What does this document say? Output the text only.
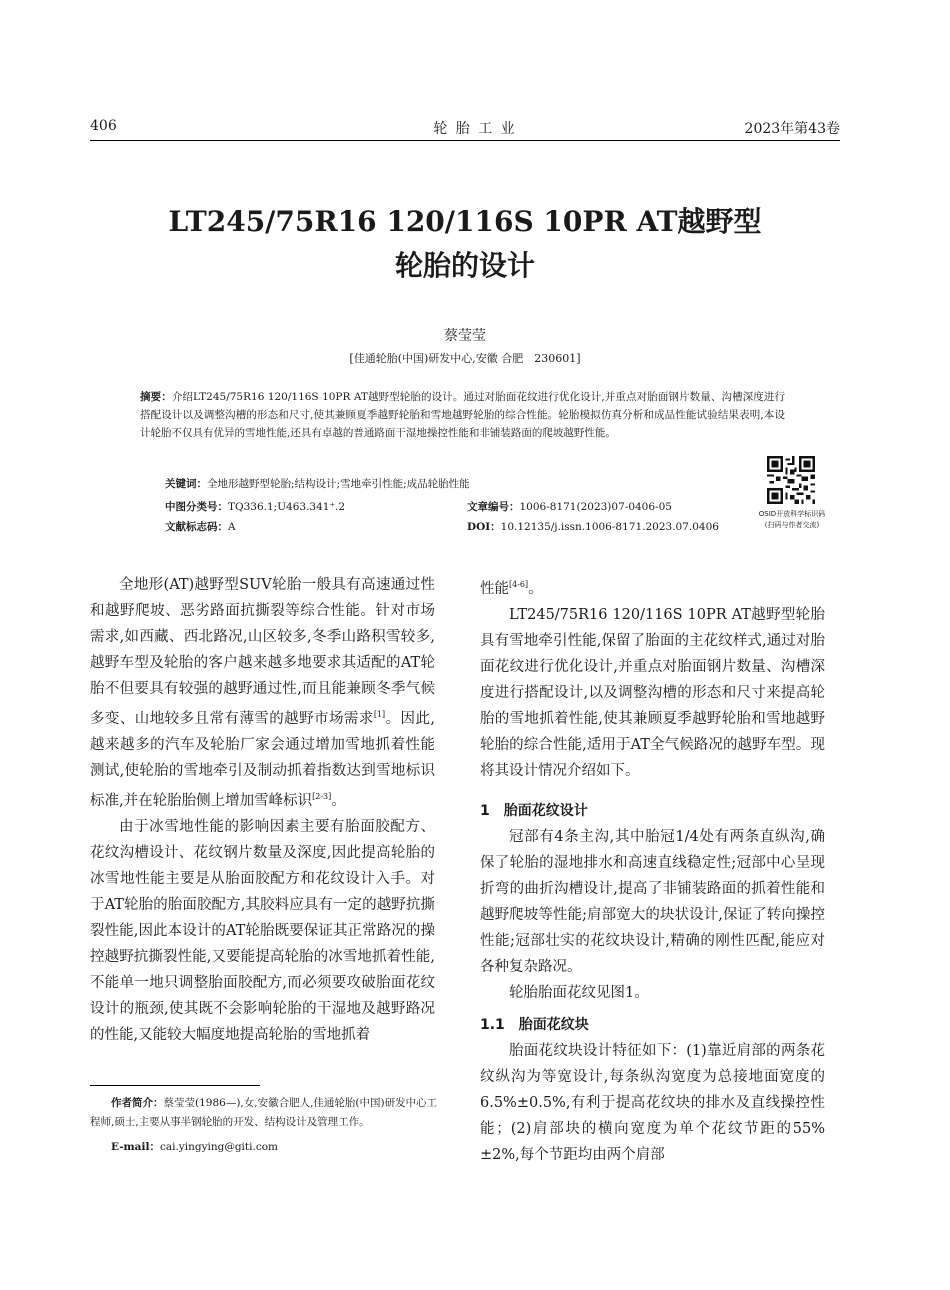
406	轮 胎 工 业	2023年第43卷
LT245/75R16 120/116S 10PR AT越野型
轮胎的设计
蔡莹莹
[佳通轮胎(中国)研发中心,安徽 合肥　230601]
摘要：介绍LT245/75R16 120/116S 10PR AT越野型轮胎的设计。通过对胎面花纹进行优化设计,并重点对胎面钢片数量、沟槽深度进行搭配设计以及调整沟槽的形态和尺寸,使其兼顾夏季越野轮胎和雪地越野轮胎的综合性能。轮胎模拟仿真分析和成品性能试验结果表明,本设计轮胎不仅具有优异的雪地性能,还具有卓越的普通路面干湿地操控性能和非铺装路面的爬坡越野性能。
关键词：全地形越野型轮胎;结构设计;雪地牵引性能;成品轮胎性能
中图分类号：TQ336.1;U463.341⁺.2	文章编号：1006-8171(2023)07-0406-05
文献标志码：A	DOI：10.12135/j.issn.1006-8171.2023.07.0406
OSID开放科学标识码
(扫码与作者交流)

全地形(AT)越野型SUV轮胎一般具有高速通过性和越野爬坡、恶劣路面抗撕裂等综合性能。针对市场需求,如西藏、西北路况,山区较多,冬季山路积雪较多,越野车型及轮胎的客户越来越多地要求其适配的AT轮胎不但要具有较强的越野通过性,而且能兼顾冬季气候多变、山地较多且常有薄雪的越野市场需求[1]。因此,越来越多的汽车及轮胎厂家会通过增加雪地抓着性能测试,使轮胎的雪地牵引及制动抓着指数达到雪地标识标准,并在轮胎胎侧上增加雪峰标识[2-3]。

由于冰雪地性能的影响因素主要有胎面胶配方、花纹沟槽设计、花纹钢片数量及深度,因此提高轮胎的冰雪地性能主要是从胎面胶配方和花纹设计入手。对于AT轮胎的胎面胶配方,其胶料应具有一定的越野抗撕裂性能,因此本设计的AT轮胎既要保证其正常路况的操控越野抗撕裂性能,又要能提高轮胎的冰雪地抓着性能,不能单一地只调整胎面胶配方,而必须要攻破胎面花纹设计的瓶颈,使其既不会影响轮胎的干湿地及越野路况的性能,又能较大幅度地提高轮胎的雪地抓着

作者简介：蔡莹莹(1986—),女,安徽合肥人,佳通轮胎(中国)研发中心工程师,硕士,主要从事半钢轮胎的开发、结构设计及管理工作。
E-mail：cai.yingying@giti.com

性能[4-6]。

LT245/75R16 120/116S 10PR AT越野型轮胎具有雪地牵引性能,保留了胎面的主花纹样式,通过对胎面花纹进行优化设计,并重点对胎面钢片数量、沟槽深度进行搭配设计,以及调整沟槽的形态和尺寸来提高轮胎的雪地抓着性能,使其兼顾夏季越野轮胎和雪地越野轮胎的综合性能,适用于AT全气候路况的越野车型。现将其设计情况介绍如下。

1　胎面花纹设计

冠部有4条主沟,其中胎冠1/4处有两条直纵沟,确保了轮胎的湿地排水和高速直线稳定性;冠部中心呈现折弯的曲折沟槽设计,提高了非铺装路面的抓着性能和越野爬坡等性能;肩部宽大的块状设计,保证了转向操控性能;冠部壮实的花纹块设计,精确的刚性匹配,能应对各种复杂路况。

轮胎胎面花纹见图1。

1.1　胎面花纹块

胎面花纹块设计特征如下：(1)靠近肩部的两条花纹纵沟为等宽设计,每条纵沟宽度为总接地面宽度的6.5%±0.5%,有利于提高花纹块的排水及直线操控性能；(2)肩部块的横向宽度为单个花纹节距的55%±2%,每个节距均由两个肩部
